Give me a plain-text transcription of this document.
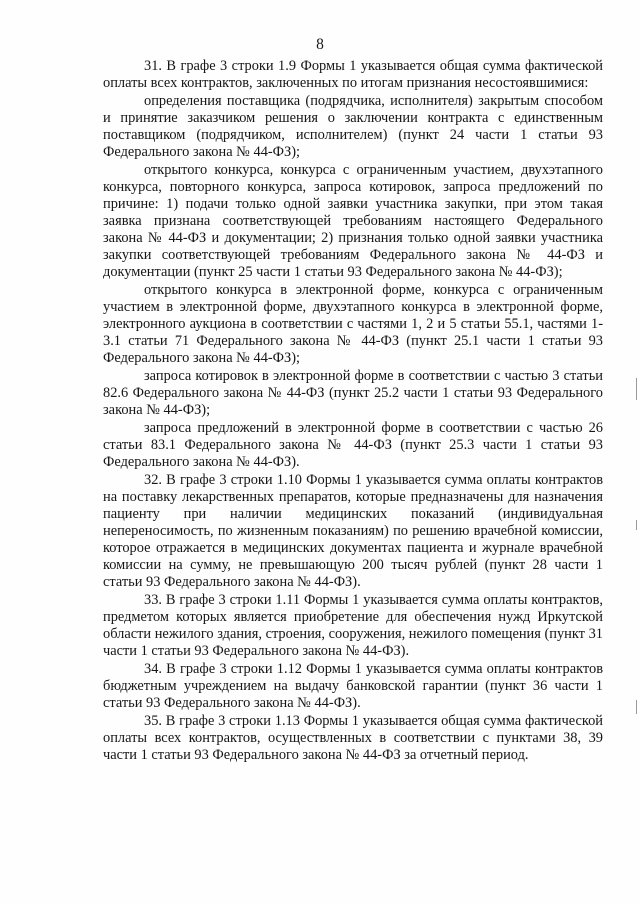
8

31. В графе 3 строки 1.9 Формы 1 указывается общая сумма фактической оплаты всех контрактов, заключенных по итогам признания несостоявшимися:

определения поставщика (подрядчика, исполнителя) закрытым способом и принятие заказчиком решения о заключении контракта с единственным поставщиком (подрядчиком, исполнителем) (пункт 24 части 1 статьи 93 Федерального закона № 44-ФЗ);

открытого конкурса, конкурса с ограниченным участием, двухэтапного конкурса, повторного конкурса, запроса котировок, запроса предложений по причине: 1) подачи только одной заявки участника закупки, при этом такая заявка признана соответствующей требованиям настоящего Федерального закона № 44-ФЗ и документации; 2) признания только одной заявки участника закупки соответствующей требованиям Федерального закона № 44-ФЗ и документации (пункт 25 части 1 статьи 93 Федерального закона № 44-ФЗ);

открытого конкурса в электронной форме, конкурса с ограниченным участием в электронной форме, двухэтапного конкурса в электронной форме, электронного аукциона в соответствии с частями 1, 2 и 5 статьи 55.1, частями 1-3.1 статьи 71 Федерального закона № 44-ФЗ (пункт 25.1 части 1 статьи 93 Федерального закона № 44-ФЗ);

запроса котировок в электронной форме в соответствии с частью 3 статьи 82.6 Федерального закона № 44-ФЗ (пункт 25.2 части 1 статьи 93 Федерального закона № 44-ФЗ);

запроса предложений в электронной форме в соответствии с частью 26 статьи 83.1 Федерального закона № 44-ФЗ (пункт 25.3 части 1 статьи 93 Федерального закона № 44-ФЗ).

32. В графе 3 строки 1.10 Формы 1 указывается сумма оплаты контрактов на поставку лекарственных препаратов, которые предназначены для назначения пациенту при наличии медицинских показаний (индивидуальная непереносимость, по жизненным показаниям) по решению врачебной комиссии, которое отражается в медицинских документах пациента и журнале врачебной комиссии на сумму, не превышающую 200 тысяч рублей (пункт 28 части 1 статьи 93 Федерального закона № 44-ФЗ).

33. В графе 3 строки 1.11 Формы 1 указывается сумма оплаты контрактов, предметом которых является приобретение для обеспечения нужд Иркутской области нежилого здания, строения, сооружения, нежилого помещения (пункт 31 части 1 статьи 93 Федерального закона № 44-ФЗ).

34. В графе 3 строки 1.12 Формы 1 указывается сумма оплаты контрактов бюджетным учреждением на выдачу банковской гарантии (пункт 36 части 1 статьи 93 Федерального закона № 44-ФЗ).

35. В графе 3 строки 1.13 Формы 1 указывается общая сумма фактической оплаты всех контрактов, осуществленных в соответствии с пунктами 38, 39 части 1 статьи 93 Федерального закона № 44-ФЗ за отчетный период.
